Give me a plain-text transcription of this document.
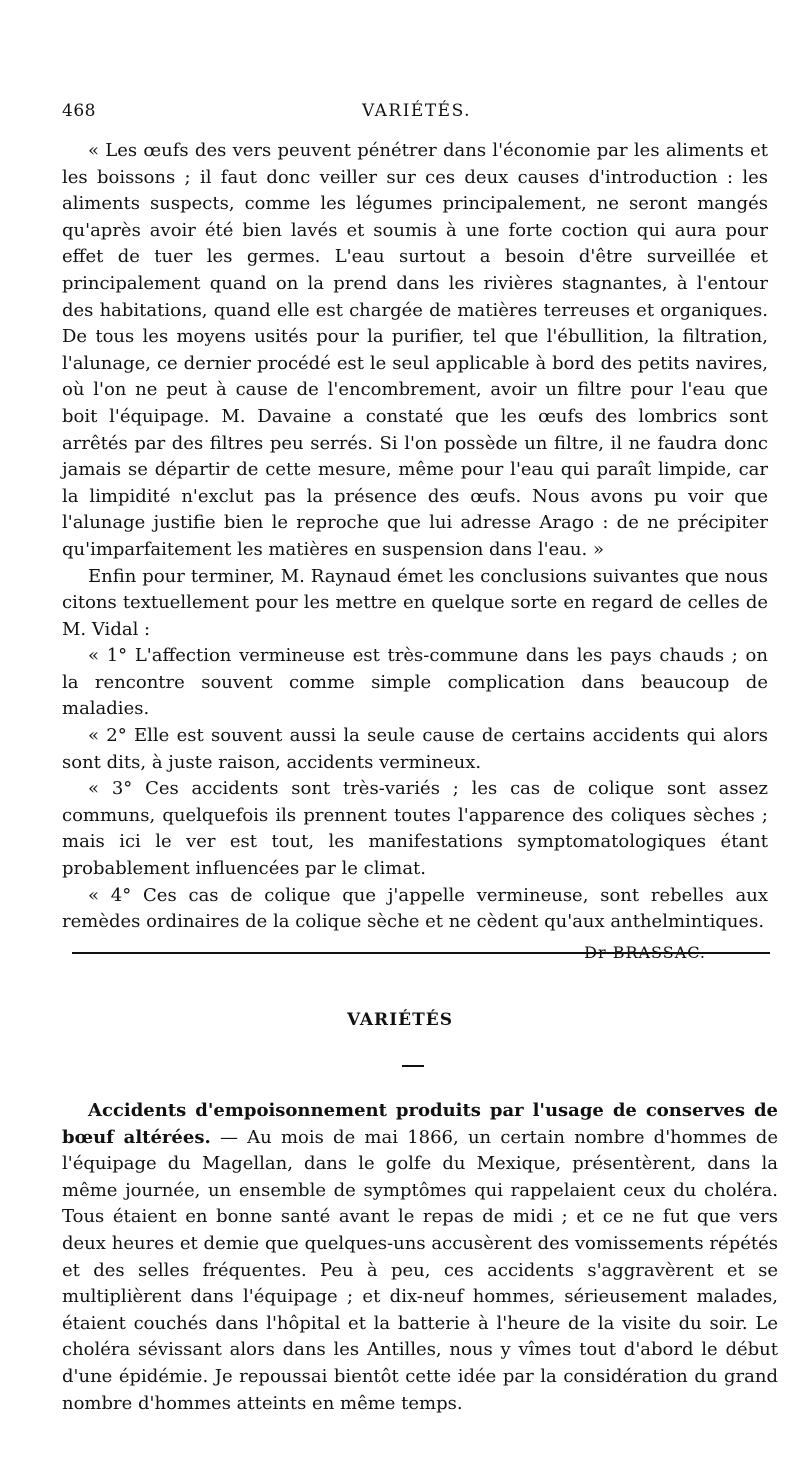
468	VARIÉTÉS.

« Les œufs des vers peuvent pénétrer dans l'économie par les aliments et les boissons ; il faut donc veiller sur ces deux causes d'introduction : les aliments suspects, comme les légumes principalement, ne seront mangés qu'après avoir été bien lavés et soumis à une forte coction qui aura pour effet de tuer les germes. L'eau surtout a besoin d'être surveillée et principalement quand on la prend dans les rivières stagnantes, à l'entour des habitations, quand elle est chargée de matières terreuses et organiques. De tous les moyens usités pour la purifier, tel que l'ébullition, la filtration, l'alunage, ce dernier procédé est le seul applicable à bord des petits navires, où l'on ne peut à cause de l'encombrement, avoir un filtre pour l'eau que boit l'équipage. M. Davaine a constaté que les œufs des lombrics sont arrêtés par des filtres peu serrés. Si l'on possède un filtre, il ne faudra donc jamais se départir de cette mesure, même pour l'eau qui paraît limpide, car la limpidité n'exclut pas la présence des œufs. Nous avons pu voir que l'alunage justifie bien le reproche que lui adresse Arago : de ne précipiter qu'imparfaitement les matières en suspension dans l'eau. »

Enfin pour terminer, M. Raynaud émet les conclusions suivantes que nous citons textuellement pour les mettre en quelque sorte en regard de celles de M. Vidal :

« 1° L'affection vermineuse est très-commune dans les pays chauds ; on la rencontre souvent comme simple complication dans beaucoup de maladies.

« 2° Elle est souvent aussi la seule cause de certains accidents qui alors sont dits, à juste raison, accidents vermineux.

« 3° Ces accidents sont très-variés ; les cas de colique sont assez communs, quelquefois ils prennent toutes l'apparence des coliques sèches ; mais ici le ver est tout, les manifestations symptomatologiques étant probablement influencées par le climat.

« 4° Ces cas de colique que j'appelle vermineuse, sont rebelles aux remèdes ordinaires de la colique sèche et ne cèdent qu'aux anthelmintiques.

Dr BRASSAC.

VARIÉTÉS

Accidents d'empoisonnement produits par l'usage de conserves de bœuf altérées. — Au mois de mai 1866, un certain nombre d'hommes de l'équipage du Magellan, dans le golfe du Mexique, présentèrent, dans la même journée, un ensemble de symptômes qui rappelaient ceux du choléra. Tous étaient en bonne santé avant le repas de midi ; et ce ne fut que vers deux heures et demie que quelques-uns accusèrent des vomissements répétés et des selles fréquentes. Peu à peu, ces accidents s'aggravèrent et se multiplièrent dans l'équipage ; et dix-neuf hommes, sérieusement malades, étaient couchés dans l'hôpital et la batterie à l'heure de la visite du soir. Le choléra sévissant alors dans les Antilles, nous y vîmes tout d'abord le début d'une épidémie. Je repoussai bientôt cette idée par la considération du grand nombre d'hommes atteints en même temps.
